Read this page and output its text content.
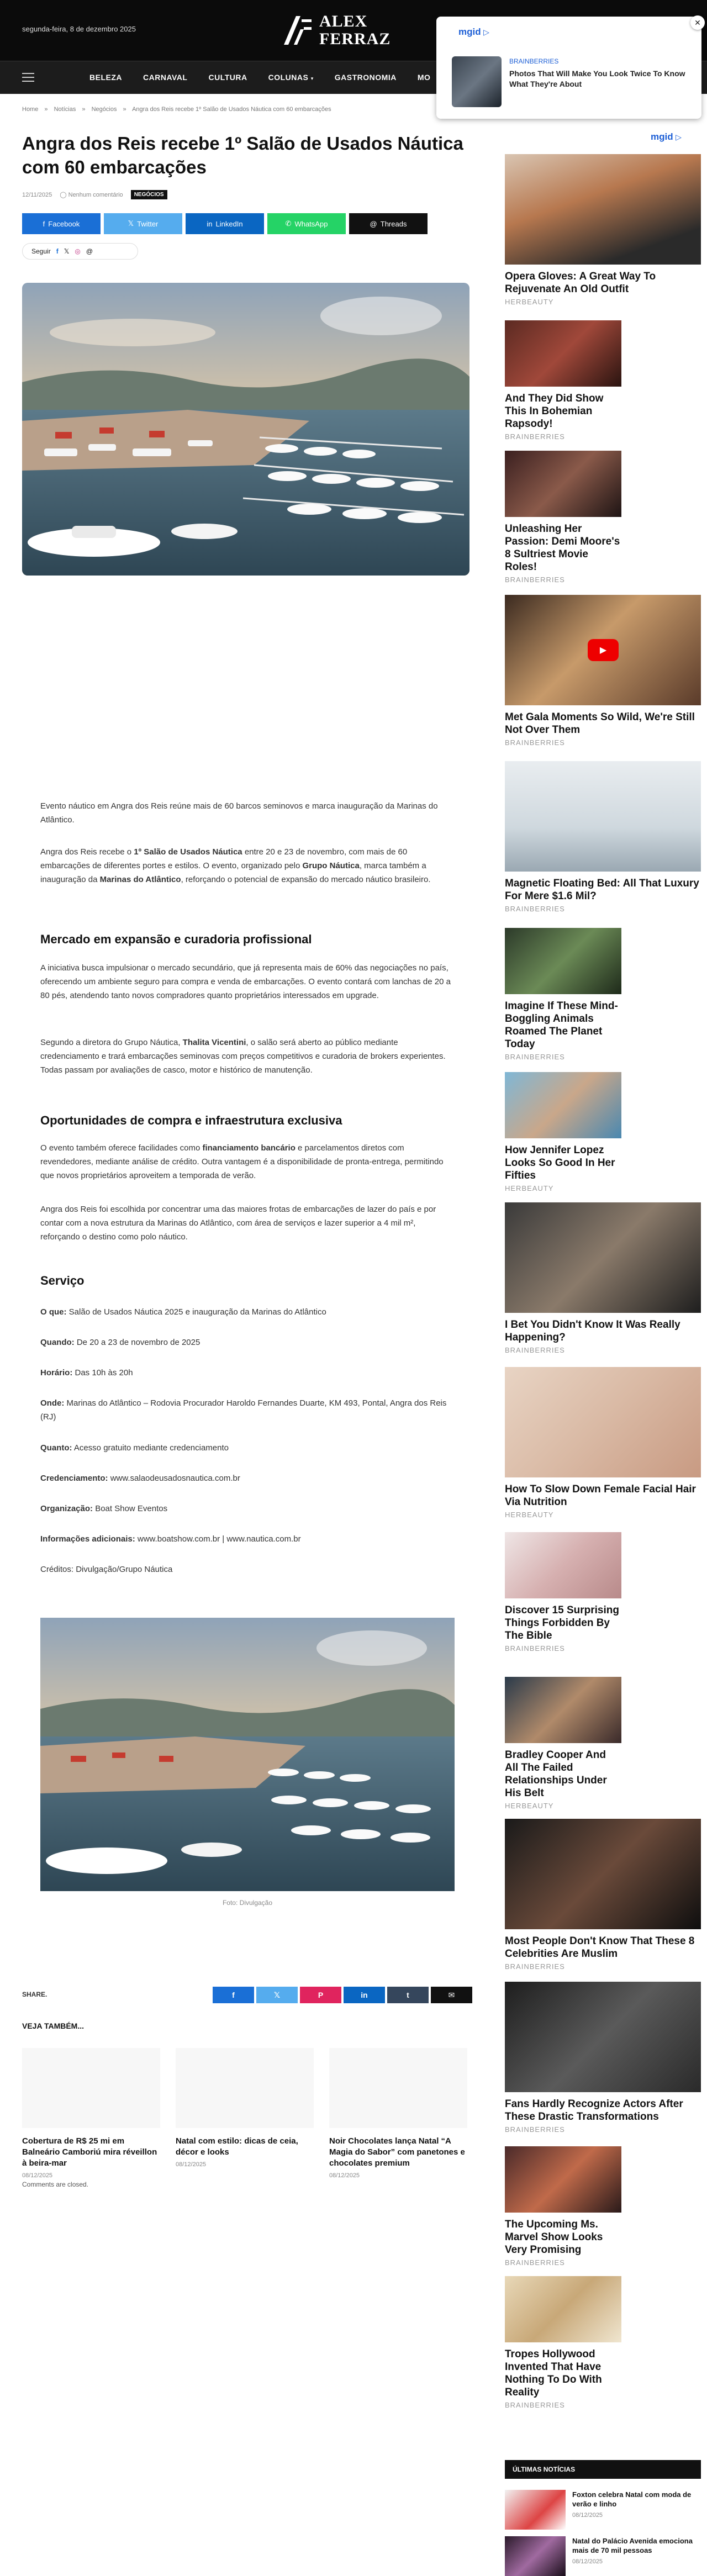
segunda-feira, 8 de dezembro 2025	ALEX
FERRAZ
BELEZA	CARNAVAL	CULTURA	COLUNAS ▾	GASTRONOMIA	MO
mgid ▷
✕
BRAINBERRIES
Photos That Will Make You Look Twice To Know What They're About
Home » Notícias » Negócios » Angra dos Reis recebe 1º Salão de Usados Náutica com 60 embarcações
Angra dos Reis recebe 1º Salão de Usados Náutica com 60 embarcações
12/11/2025 ◯ Nenhum comentário	NEGÓCIOS
f Facebook	𝕏 Twitter	in LinkedIn	✆ WhatsApp	@ Threads
Seguir f 𝕏 ◎ @

Evento náutico em Angra dos Reis reúne mais de 60 barcos seminovos e marca inauguração da Marinas do Atlântico.

Angra dos Reis recebe o 1º Salão de Usados Náutica entre 20 e 23 de novembro, com mais de 60 embarcações de diferentes portes e estilos. O evento, organizado pelo Grupo Náutica, marca também a inauguração da Marinas do Atlântico, reforçando o potencial de expansão do mercado náutico brasileiro.

Mercado em expansão e curadoria profissional

A iniciativa busca impulsionar o mercado secundário, que já representa mais de 60% das negociações no país, oferecendo um ambiente seguro para compra e venda de embarcações. O evento contará com lanchas de 20 a 80 pés, atendendo tanto novos compradores quanto proprietários interessados em upgrade.

Segundo a diretora do Grupo Náutica, Thalita Vicentini, o salão será aberto ao público mediante credenciamento e trará embarcações seminovas com preços competitivos e curadoria de brokers experientes. Todas passam por avaliações de casco, motor e histórico de manutenção.

Oportunidades de compra e infraestrutura exclusiva

O evento também oferece facilidades como financiamento bancário e parcelamentos diretos com revendedores, mediante análise de crédito. Outra vantagem é a disponibilidade de pronta-entrega, permitindo que novos proprietários aproveitem a temporada de verão.

Angra dos Reis foi escolhida por concentrar uma das maiores frotas de embarcações de lazer do país e por contar com a nova estrutura da Marinas do Atlântico, com área de serviços e lazer superior a 4 mil m², reforçando o destino como polo náutico.

Serviço

O que: Salão de Usados Náutica 2025 e inauguração da Marinas do Atlântico

Quando: De 20 a 23 de novembro de 2025

Horário: Das 10h às 20h

Onde: Marinas do Atlântico – Rodovia Procurador Haroldo Fernandes Duarte, KM 493, Pontal, Angra dos Reis (RJ)

Quanto: Acesso gratuito mediante credenciamento

Credenciamento: www.salaodeusadosnautica.com.br

Organização: Boat Show Eventos

Informações adicionais: www.boatshow.com.br | www.nautica.com.br

Créditos: Divulgação/Grupo Náutica

Foto: Divulgação
SHARE.	f	𝕏	P	in	t	✉
VEJA TAMBÉM...
Cobertura de R$ 25 mi em Balneário Camboriú mira réveillon à beira-mar
08/12/2025
Natal com estilo: dicas de ceia, décor e looks
08/12/2025
Noir Chocolates lança Natal “A Magia do Sabor” com panetones e chocolates premium
08/12/2025
Comments are closed.
mgid ▷
Opera Gloves: A Great Way To Rejuvenate An Old Outfit
HERBEAUTY
And They Did Show This In Bohemian Rapsody!
BRAINBERRIES
Unleashing Her Passion: Demi Moore's 8 Sultriest Movie Roles!
BRAINBERRIES
▶
Met Gala Moments So Wild, We're Still Not Over Them
BRAINBERRIES
Magnetic Floating Bed: All That Luxury For Mere $1.6 Mil?
BRAINBERRIES
Imagine If These Mind-Boggling Animals Roamed The Planet Today
BRAINBERRIES
How Jennifer Lopez Looks So Good In Her Fifties
HERBEAUTY
I Bet You Didn't Know It Was Really Happening?
BRAINBERRIES
How To Slow Down Female Facial Hair Via Nutrition
HERBEAUTY
Discover 15 Surprising Things Forbidden By The Bible
BRAINBERRIES
Bradley Cooper And All The Failed Relationships Under His Belt
HERBEAUTY
Most People Don't Know That These 8 Celebrities Are Muslim
BRAINBERRIES
Fans Hardly Recognize Actors After These Drastic Transformations
BRAINBERRIES
The Upcoming Ms. Marvel Show Looks Very Promising
BRAINBERRIES
Tropes Hollywood Invented That Have Nothing To Do With Reality
BRAINBERRIES
ÚLTIMAS NOTÍCIAS
Foxton celebra Natal com moda de verão e linho
08/12/2025
Natal do Palácio Avenida emociona mais de 70 mil pessoas
08/12/2025
